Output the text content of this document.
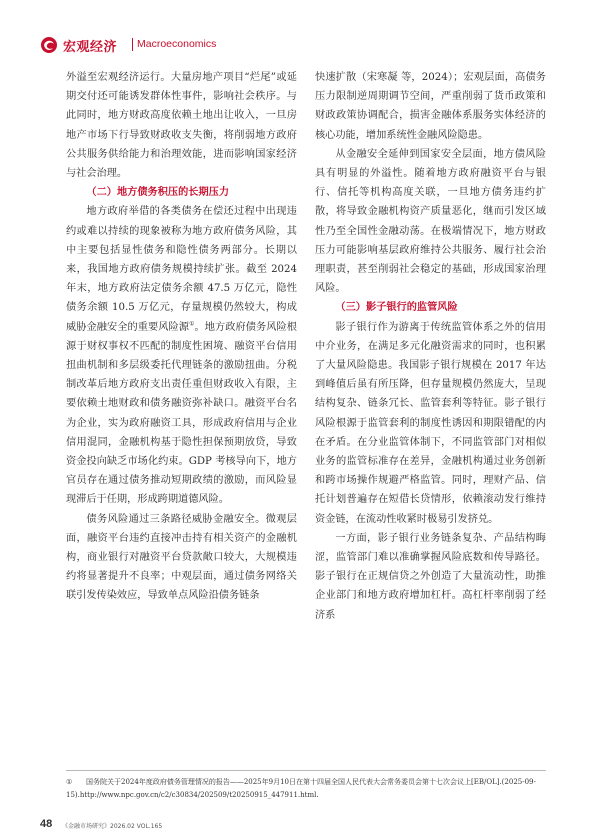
宏观经济 Macroeconomics

外溢至宏观经济运行。大量房地产项目“烂尾”或延期交付还可能诱发群体性事件，影响社会秩序。与此同时，地方财政高度依赖土地出让收入，一旦房地产市场下行导致财政收支失衡，将削弱地方政府公共服务供给能力和治理效能，进而影响国家经济与社会治理。

（二）地方债务积压的长期压力

地方政府举借的各类债务在偿还过程中出现违约或难以持续的现象被称为地方政府债务风险，其中主要包括显性债务和隐性债务两部分。长期以来，我国地方政府债务规模持续扩张。截至 2024 年末，地方政府法定债务余额 47.5 万亿元，隐性债务余额 10.5 万亿元，存量规模仍然较大，构成威胁金融安全的重要风险源①。地方政府债务风险根源于财权事权不匹配的制度性困境、融资平台信用扭曲机制和多层级委托代理链条的激励扭曲。分税制改革后地方政府支出责任重但财政收入有限，主要依赖土地财政和债务融资弥补缺口。融资平台名为企业，实为政府融资工具，形成政府信用与企业信用混同，金融机构基于隐性担保预期放贷，导致资金投向缺乏市场化约束。GDP 考核导向下，地方官员存在通过债务推动短期政绩的激励，而风险显现滞后于任期，形成跨期道德风险。

债务风险通过三条路径威胁金融安全。微观层面，融资平台违约直接冲击持有相关资产的金融机构，商业银行对融资平台贷款敞口较大，大规模违约将显著提升不良率；中观层面，通过债务网络关联引发传染效应，导致单点风险沿债务链条

快速扩散（宋寒凝 等，2024）；宏观层面，高债务压力限制逆周期调节空间，严重削弱了货币政策和财政政策协调配合，损害金融体系服务实体经济的核心功能，增加系统性金融风险隐患。

从金融安全延伸到国家安全层面，地方债风险具有明显的外溢性。随着地方政府融资平台与银行、信托等机构高度关联，一旦地方债务违约扩散，将导致金融机构资产质量恶化，继而引发区域性乃至全国性金融动荡。在极端情况下，地方财政压力可能影响基层政府维持公共服务、履行社会治理职责，甚至削弱社会稳定的基础，形成国家治理风险。

（三）影子银行的监管风险

影子银行作为游离于传统监管体系之外的信用中介业务，在满足多元化融资需求的同时，也积累了大量风险隐患。我国影子银行规模在 2017 年达到峰值后虽有所压降，但存量规模仍然庞大，呈现结构复杂、链条冗长、监管套利等特征。影子银行风险根源于监管套利的制度性诱因和期限错配的内在矛盾。在分业监管体制下，不同监管部门对相似业务的监管标准存在差异，金融机构通过业务创新和跨市场操作规避严格监管。同时，理财产品、信托计划普遍存在短借长贷情形，依赖滚动发行维持资金链，在流动性收紧时极易引发挤兑。

一方面，影子银行业务链条复杂、产品结构晦涩，监管部门难以准确掌握风险底数和传导路径。影子银行在正规信贷之外创造了大量流动性，助推企业部门和地方政府增加杠杆。高杠杆率削弱了经济系

① 国务院关于2024年度政府债务管理情况的报告——2025年9月10日在第十四届全国人民代表大会常务委员会第十七次会议上[EB/OL].(2025-09-15).http://www.npc.gov.cn/c2/c30834/202509/t20250915_447911.html.
48 《金融市场研究》2026.02 VOL.165
